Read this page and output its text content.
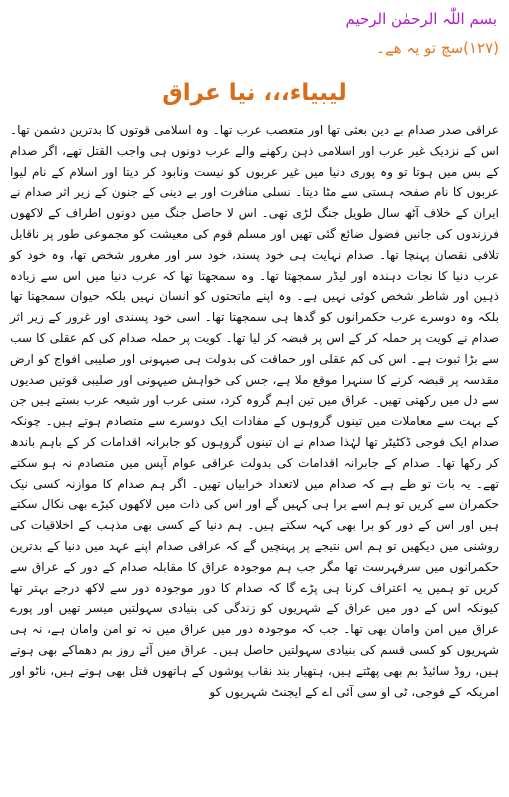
بسم اللّٰہ الرحمٰن الرحیم

(۱۲۷)سچ تو یہ ھے۔

لیبیاء،،، نیا عراق

عراقی صدر صدام بے دین بعثی تھا اور متعصب عرب تھا۔ وہ اسلامی قوتوں کا بدترین دشمن تھا۔ اس کے نزدیک غیر عرب اور اسلامی ذہن رکھنے والے عرب دونوں ہی واجب القتل تھے، اگر صدام کے بس میں ہوتا تو وہ پوری دنیا میں غیر عربوں کو نیست ونابود کر دیتا اور اسلام کے نام لیوا عربوں کا نام صفحہ ہستی سے مٹا دیتا۔ نسلی منافرت اور بے دینی کے جنون کے زیر اثر صدام نے ایران کے خلاف آٹھ سال طویل جنگ لڑی تھی۔ اس لا حاصل جنگ میں دونوں اطراف کے لاکھوں فرزندوں کی جانیں فضول ضائع گئی تھیں اور مسلم قوم کی معیشت کو مجموعی طور پر ناقابل تلافی نقصان پہنچا تھا۔ صدام نہایت ہی خود پسند، خود سر اور مغرور شخص تھا، وہ خود کو عرب دنیا کا نجات دہندہ اور لیڈر سمجھتا تھا۔ وہ سمجھتا تھا کہ عرب دنیا میں اس سے زیادہ ذہین اور شاطر شخص کوئی نہیں ہے۔ وہ اپنے ماتحتوں کو انسان نہیں بلکہ حیوان سمجھتا تھا بلکہ وہ دوسرے عرب حکمرانوں کو گدھا ہی سمجھتا تھا۔ اسی خود پسندی اور غرور کے زیر اثر صدام نے کویت پر حملہ کر کے اس پر قبضہ کر لیا تھا۔ کویت پر حملہ صدام کی کم عقلی کا سب سے بڑا ثبوت ہے۔ اس کی کم عقلی اور حماقت کی بدولت ہی صیہونی اور صلیبی افواج کو ارض مقدسہ پر قبضہ کرنے کا سنہرا موقع ملا ہے، جس کی خواہش صیہونی اور صلیبی قوتیں صدیوں سے دل میں رکھتی تھیں۔ عراق میں تین اہم گروہ کرد، سنی عرب اور شیعہ عرب بستے ہیں جن کے بہت سے معاملات میں تینوں گروہوں کے مفادات ایک دوسرے سے متصادم ہوتے ہیں۔ چونکہ صدام ایک فوجی ڈکٹیٹر تھا لہٰذا صدام نے ان تینوں گروہوں کو جابرانہ اقدامات کر کے باہم باندھ کر رکھا تھا۔ صدام کے جابرانہ اقدامات کی بدولت عراقی عوام آپس میں متصادم نہ ہو سکتے تھے۔ یہ بات تو طے ہے کہ صدام میں لاتعداد خرابیاں تھیں۔ اگر ہم صدام کا موازنہ کسی نیک حکمران سے کریں تو ہم اسے برا ہی کہیں گے اور اس کی ذات میں لاکھوں کیڑے بھی نکال سکتے ہیں اور اس کے دور کو برا بھی کہہ سکتے ہیں۔ ہم دنیا کے کسی بھی مذہب کے اخلاقیات کی روشنی میں دیکھیں تو ہم اس نتیجے پر پہنچیں گے کہ عراقی صدام اپنے عہد میں دنیا کے بدترین حکمرانوں میں سرفہرست تھا مگر جب ہم موجودہ عراق کا مقابلہ صدام کے دور کے عراق سے کریں تو ہمیں یہ اعتراف کرنا ہی پڑے گا کہ صدام کا دور موجودہ دور سے لاکھ درجے بہتر تھا کیونکہ اس کے دور میں عراق کے شہریوں کو زندگی کی بنیادی سہولتیں میسر تھیں اور پورے عراق میں امن وامان بھی تھا۔ جب کہ موجودہ دور میں عراق میں نہ تو امن وامان ہے، نہ ہی شہریوں کو کسی قسم کی بنیادی سہولتیں حاصل ہیں۔ عراق میں آئے روز بم دھماکے بھی ہوتے ہیں، روڈ سائیڈ بم بھی پھٹتے ہیں، ہتھیار بند نقاب پوشوں کے ہاتھوں قتل بھی ہوتے ہیں، ناٹو اور امریکہ کے فوجی، ٹی او سی آئی اے کے ایجنٹ شہریوں کو
